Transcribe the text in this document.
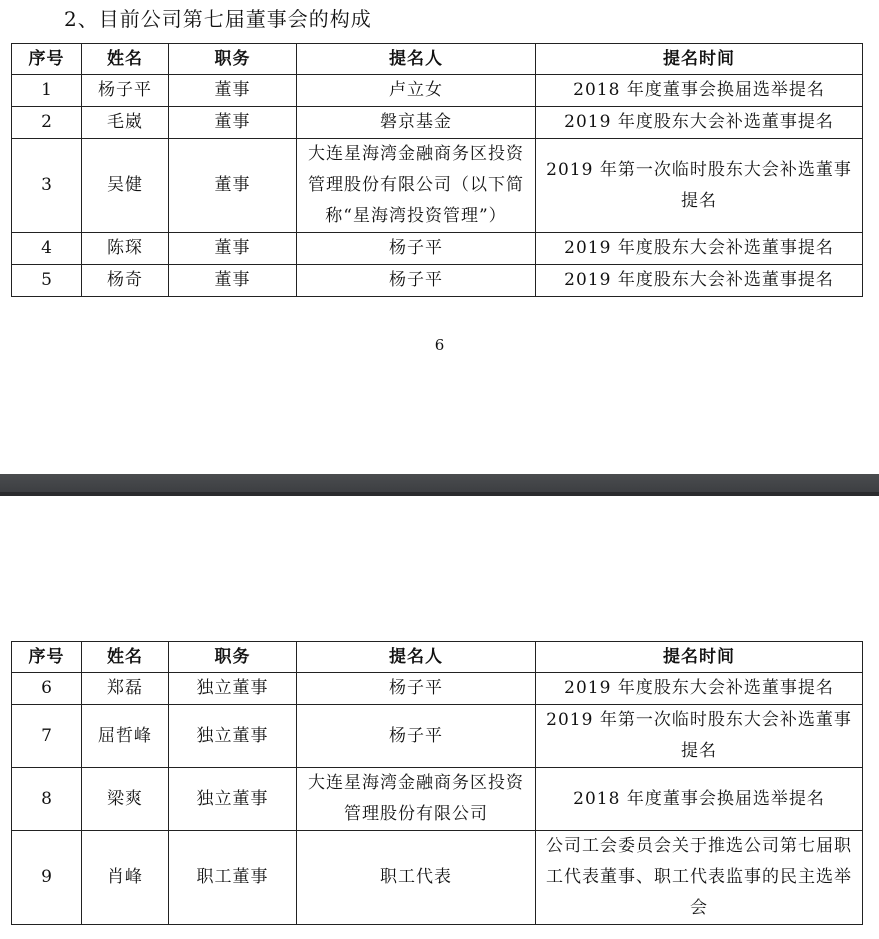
2、目前公司第七届董事会的构成
序号	姓名	职务	提名人	提名时间
1	杨子平	董事	卢立女	2018 年度董事会换届选举提名
2	毛崴	董事	磐京基金	2019 年度股东大会补选董事提名
3	吴健	董事	大连星海湾金融商务区投资管理股份有限公司（以下简称“星海湾投资管理”）	2019 年第一次临时股东大会补选董事提名
4	陈琛	董事	杨子平	2019 年度股东大会补选董事提名
5	杨奇	董事	杨子平	2019 年度股东大会补选董事提名
6
序号	姓名	职务	提名人	提名时间
6	郑磊	独立董事	杨子平	2019 年度股东大会补选董事提名
7	屈哲峰	独立董事	杨子平	2019 年第一次临时股东大会补选董事提名
8	梁爽	独立董事	大连星海湾金融商务区投资管理股份有限公司	2018 年度董事会换届选举提名
9	肖峰	职工董事	职工代表	公司工会委员会关于推选公司第七届职工代表董事、职工代表监事的民主选举会
